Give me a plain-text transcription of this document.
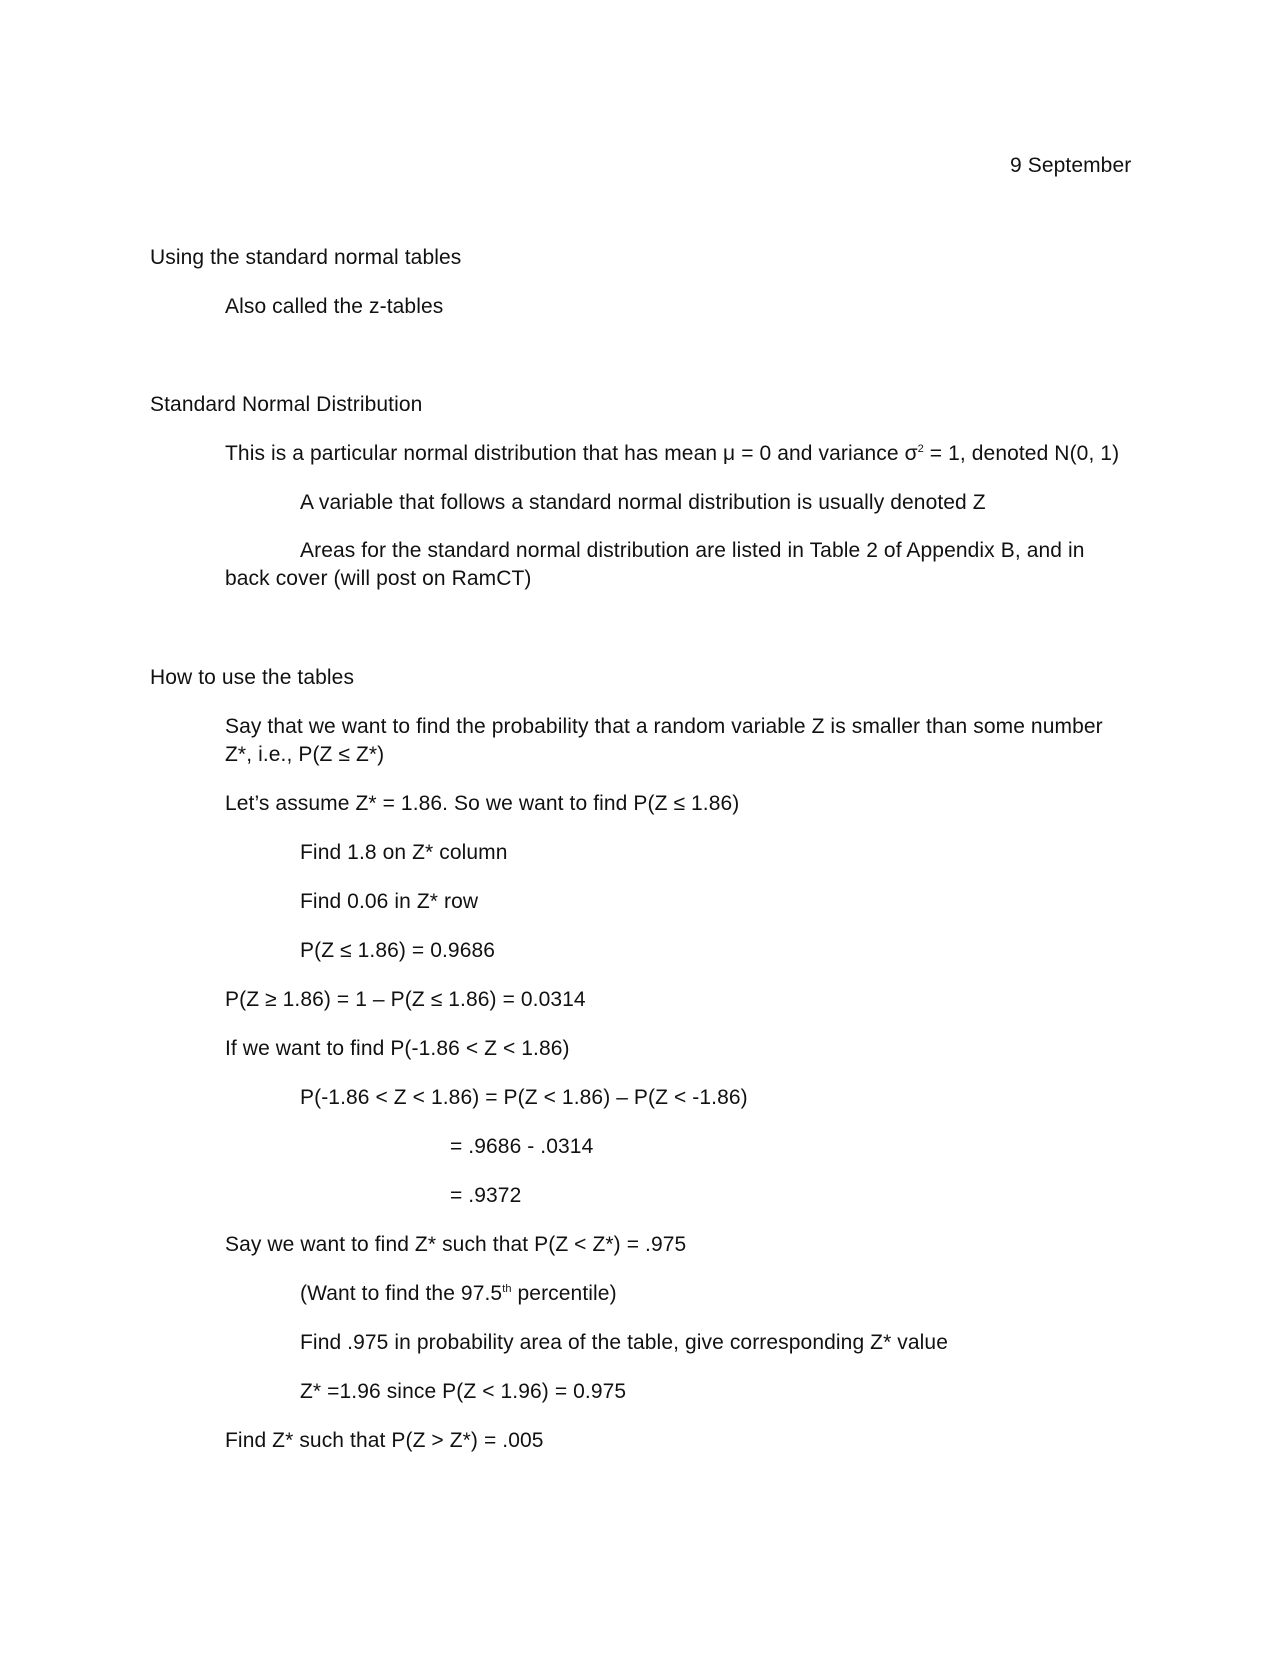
9 September
Using the standard normal tables
Also called the z-tables
Standard Normal Distribution
This is a particular normal distribution that has mean μ = 0 and variance $\sigma^2 = 1$, denoted N(0, 1)
A variable that follows a standard normal distribution is usually denoted Z
Areas for the standard normal distribution are listed in Table 2 of Appendix B, and in
back cover (will post on RamCT)
How to use the tables
Say that we want to find the probability that a random variable Z is smaller than some number
Z*, i.e., P(Z ≤ Z*)
Let’s assume Z* = 1.86. So we want to find P(Z ≤ 1.86)
Find 1.8 on Z* column
Find 0.06 in Z* row
P(Z ≤ 1.86) = 0.9686
P(Z ≥ 1.86) = 1 – P(Z ≤ 1.86) = 0.0314
If we want to find P(-1.86 < Z < 1.86)
P(-1.86 < Z < 1.86) = P(Z < 1.86) – P(Z < -1.86)
= .9686 - .0314
= .9372
Say we want to find Z* such that P(Z < Z*) = .975
(Want to find the 97.5th percentile)
Find .975 in probability area of the table, give corresponding Z* value
Z* =1.96 since P(Z < 1.96) = 0.975
Find Z* such that P(Z > Z*) = .005
